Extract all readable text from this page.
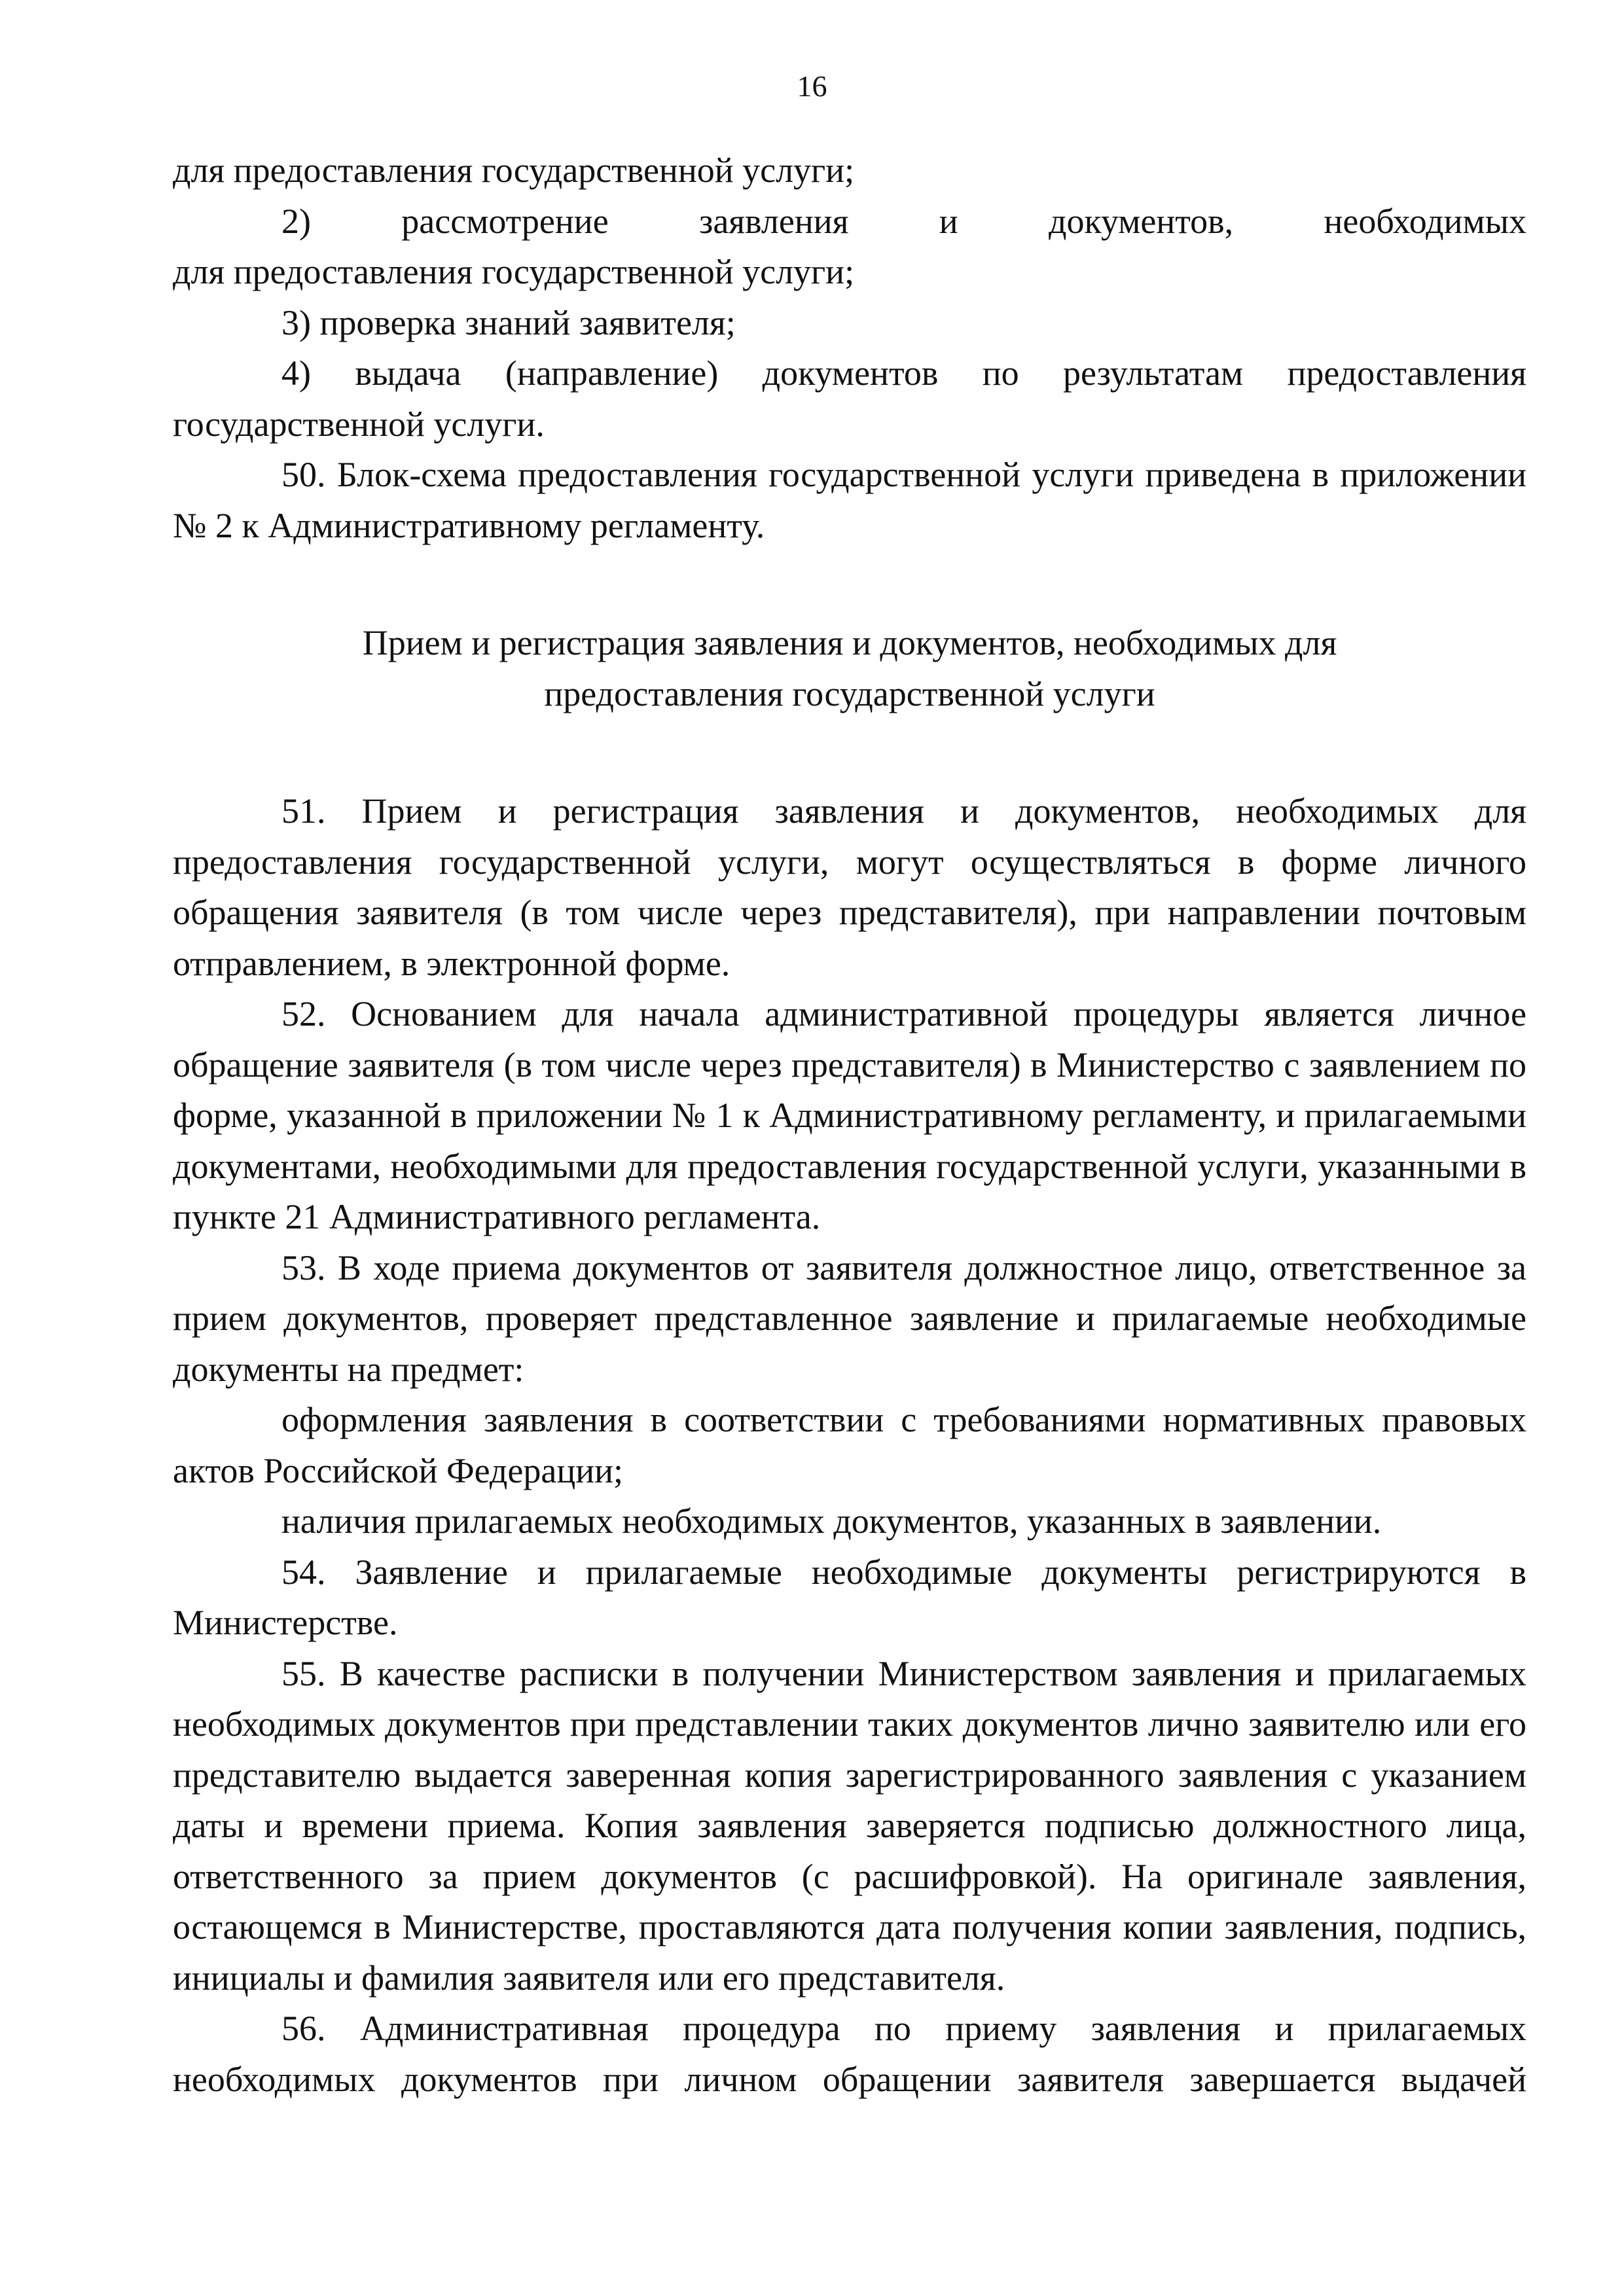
16

для предоставления государственной услуги;

2) рассмотрение заявления и документов, необходимых

для предоставления государственной услуги;

3) проверка знаний заявителя;

4) выдача (направление) документов по результатам предоставления государственной услуги.

50. Блок-схема предоставления государственной услуги приведена в приложении № 2 к Административному регламенту.

Прием и регистрация заявления и документов, необходимых для
предоставления государственной услуги

51. Прием и регистрация заявления и документов, необходимых для предоставления государственной услуги, могут осуществляться в форме личного обращения заявителя (в том числе через представителя), при направлении почтовым отправлением, в электронной форме.

52. Основанием для начала административной процедуры является личное обращение заявителя (в том числе через представителя) в Министерство с заявлением по форме, указанной в приложении № 1 к Административному регламенту, и прилагаемыми документами, необходимыми для предоставления государственной услуги, указанными в пункте 21 Административного регламента.

53. В ходе приема документов от заявителя должностное лицо, ответственное за прием документов, проверяет представленное заявление и прилагаемые необходимые документы на предмет:

оформления заявления в соответствии с требованиями нормативных правовых актов Российской Федерации;

наличия прилагаемых необходимых документов, указанных в заявлении.

54. Заявление и прилагаемые необходимые документы регистрируются в Министерстве.

55. В качестве расписки в получении Министерством заявления и прилагаемых необходимых документов при представлении таких документов лично заявителю или его представителю выдается заверенная копия зарегистрированного заявления с указанием даты и времени приема. Копия заявления заверяется подписью должностного лица, ответственного за прием документов (с расшифровкой). На оригинале заявления, остающемся в Министерстве, проставляются дата получения копии заявления, подпись, инициалы и фамилия заявителя или его представителя.

56. Административная процедура по приему заявления и прилагаемых необходимых документов при личном обращении заявителя завершается выдачей
